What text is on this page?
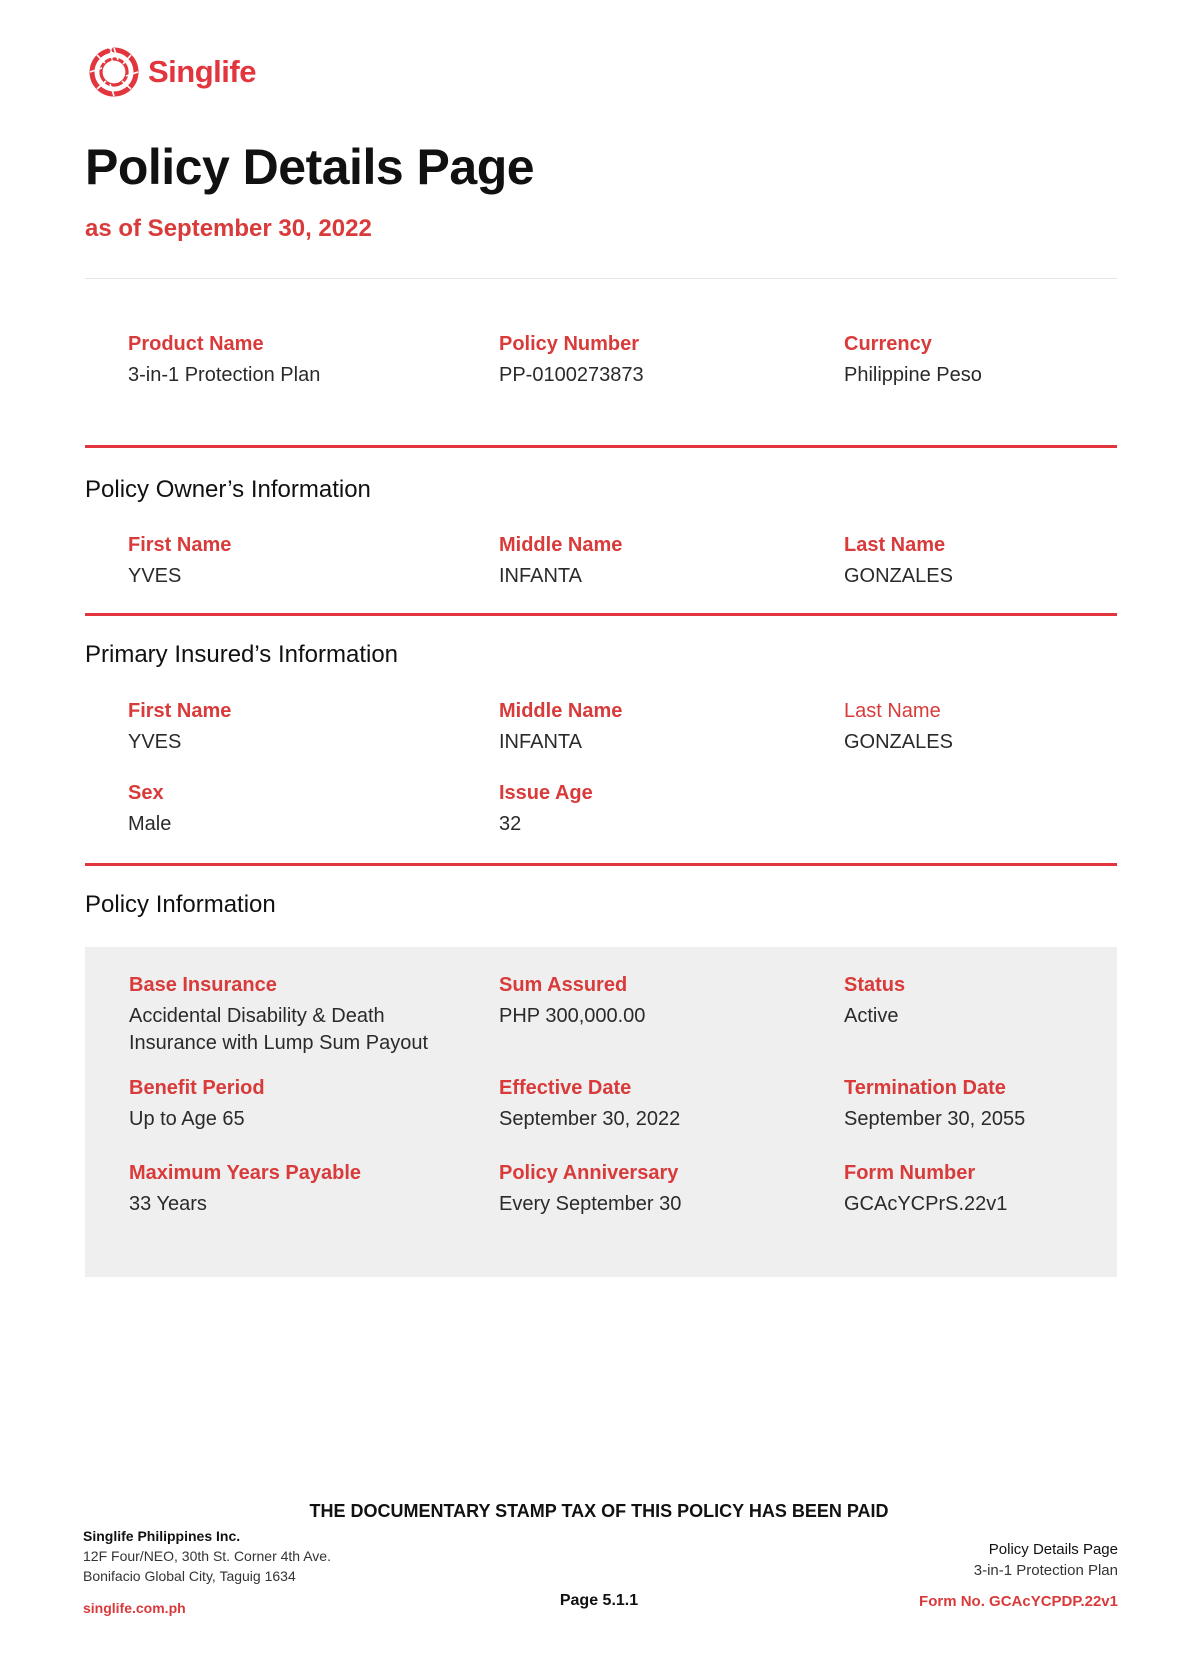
Singlife
Policy Details Page
as of September 30, 2022
Product Name
3-in-1 Protection Plan
Policy Number
PP-0100273873
Currency
Philippine Peso
Policy Owner’s Information
First Name
YVES
Middle Name
INFANTA
Last Name
GONZALES
Primary Insured’s Information
First Name
YVES
Middle Name
INFANTA
Last Name
GONZALES
Sex
Male
Issue Age
32
Policy Information
Base Insurance
Accidental Disability & Death
Insurance with Lump Sum Payout
Sum Assured
PHP 300,000.00
Status
Active
Benefit Period
Up to Age 65
Effective Date
September 30, 2022
Termination Date
September 30, 2055
Maximum Years Payable
33 Years
Policy Anniversary
Every September 30
Form Number
GCAcYCPrS.22v1
THE DOCUMENTARY STAMP TAX OF THIS POLICY HAS BEEN PAID
Singlife Philippines Inc.
12F Four/NEO, 30th St. Corner 4th Ave.
Bonifacio Global City, Taguig 1634
singlife.com.ph	Page 5.1.1
Policy Details Page
3-in-1 Protection Plan
Form No. GCAcYCPDP.22v1
